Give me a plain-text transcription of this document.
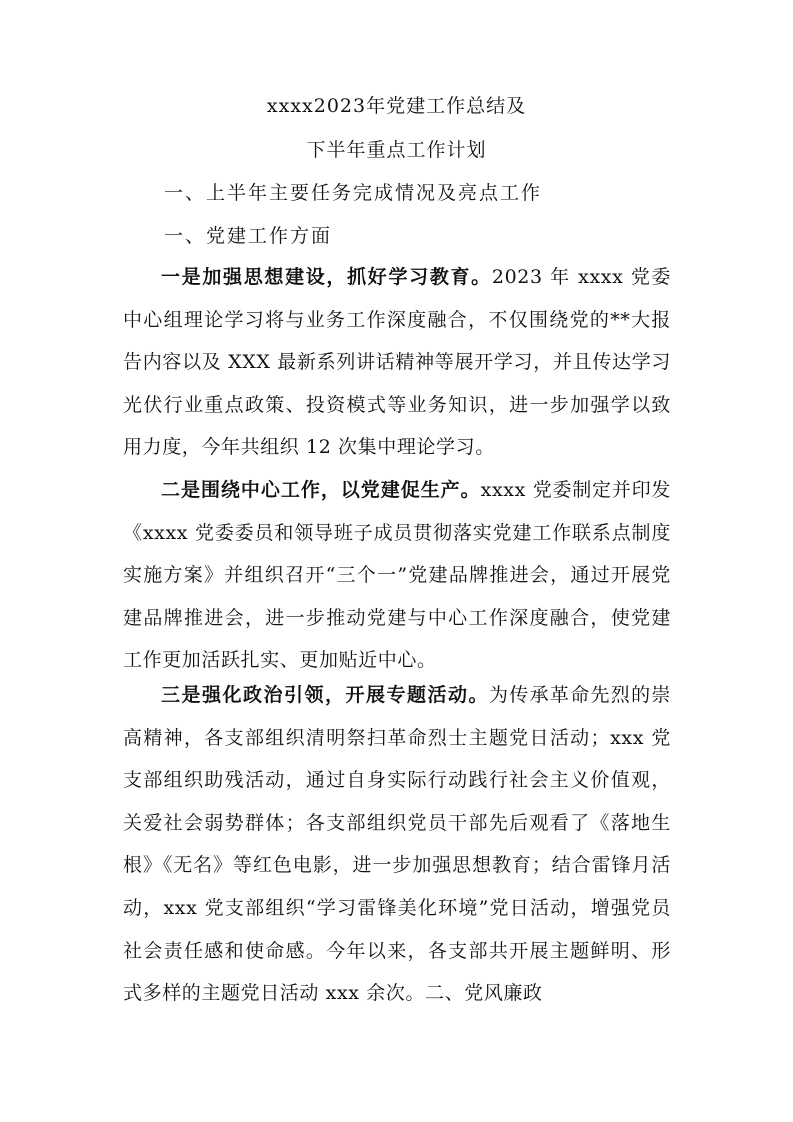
xxxx2023年党建工作总结及
下半年重点工作计划
一、上半年主要任务完成情况及亮点工作
一、党建工作方面

一是加强思想建设，抓好学习教育。2023 年 xxxx 党委中心组理论学习将与业务工作深度融合，不仅围绕党的**大报告内容以及 XXX 最新系列讲话精神等展开学习，并且传达学习光伏行业重点政策、投资模式等业务知识，进一步加强学以致用力度，今年共组织 12 次集中理论学习。

二是围绕中心工作，以党建促生产。xxxx 党委制定并印发《xxxx 党委委员和领导班子成员贯彻落实党建工作联系点制度实施方案》并组织召开“三个一”党建品牌推进会，通过开展党建品牌推进会，进一步推动党建与中心工作深度融合，使党建工作更加活跃扎实、更加贴近中心。

三是强化政治引领，开展专题活动。为传承革命先烈的崇高精神，各支部组织清明祭扫革命烈士主题党日活动；xxx 党支部组织助残活动，通过自身实际行动践行社会主义价值观，关爱社会弱势群体；各支部组织党员干部先后观看了《落地生根》《无名》等红色电影，进一步加强思想教育；结合雷锋月活动，xxx 党支部组织“学习雷锋美化环境”党日活动，增强党员社会责任感和使命感。今年以来，各支部共开展主题鲜明、形式多样的主题党日活动 xxx 余次。二、党风廉政
